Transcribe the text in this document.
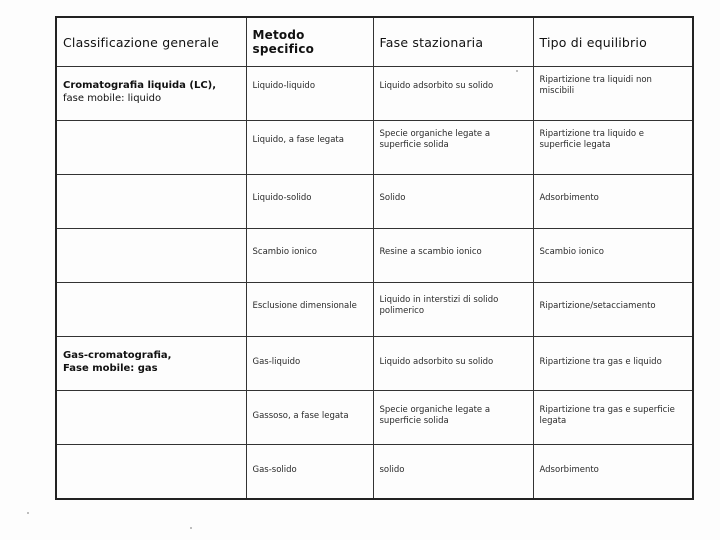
Classificazione generale	Metodo specifico	Fase stazionaria	Tipo di equilibrio

Cromatografia liquida (LC),
fase mobile: liquido	Liquido-liquido	Liquido adsorbito su solido	Ripartizione tra liquidi non miscibili

	Liquido, a fase legata	Specie organiche legate a superficie solida	Ripartizione tra liquido e superficie legata

	Liquido-solido	Solido	Adsorbimento

	Scambio ionico	Resine a scambio ionico	Scambio ionico

	Esclusione dimensionale	Liquido in interstizi di solido polimerico	Ripartizione/setacciamento

Gas-cromatografia,
Fase mobile: gas	Gas-liquido	Liquido adsorbito su solido	Ripartizione tra gas e liquido

	Gassoso, a fase legata	Specie organiche legate a superficie solida	Ripartizione tra gas e superficie legata

	Gas-solido	solido	Adsorbimento
